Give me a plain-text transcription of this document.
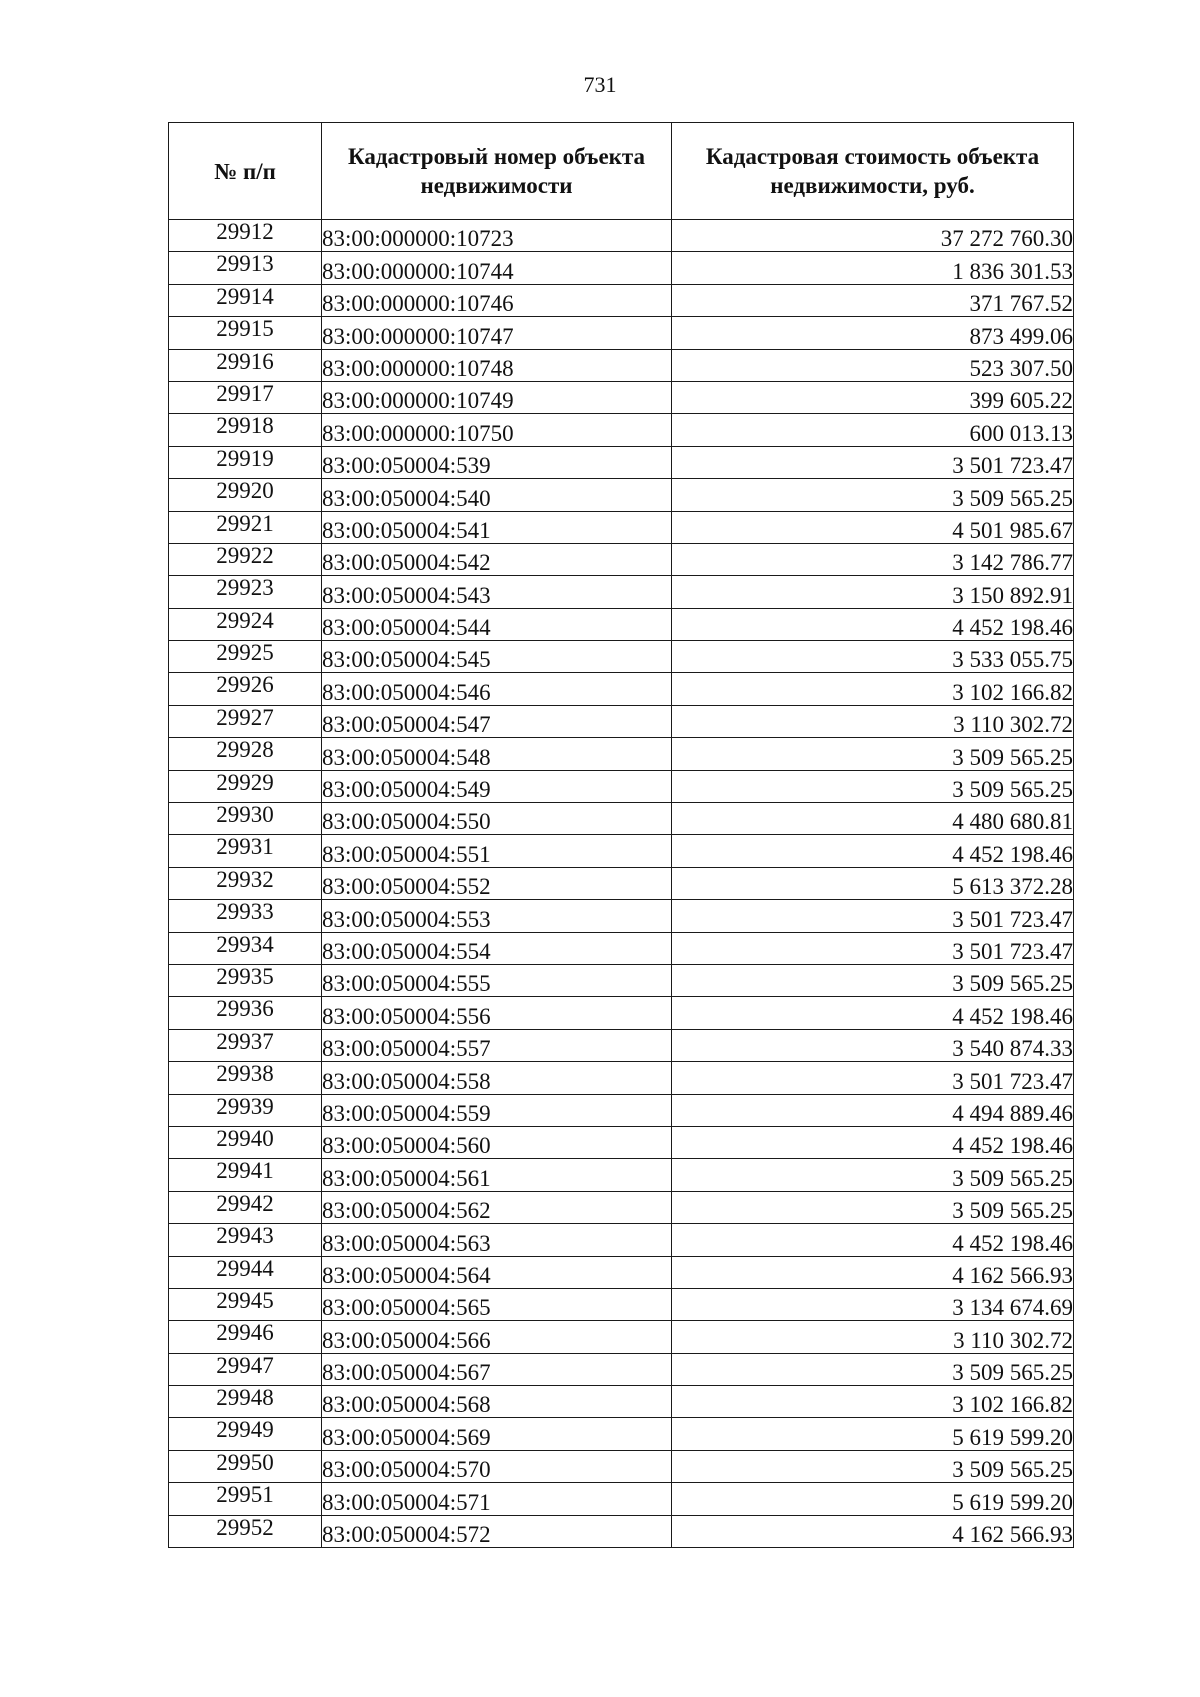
731
№ п/п	Кадастровый номер объекта недвижимости	Кадастровая стоимость объекта недвижимости, руб.
29912	83:00:000000:10723	37 272 760.30
29913	83:00:000000:10744	1 836 301.53
29914	83:00:000000:10746	371 767.52
29915	83:00:000000:10747	873 499.06
29916	83:00:000000:10748	523 307.50
29917	83:00:000000:10749	399 605.22
29918	83:00:000000:10750	600 013.13
29919	83:00:050004:539	3 501 723.47
29920	83:00:050004:540	3 509 565.25
29921	83:00:050004:541	4 501 985.67
29922	83:00:050004:542	3 142 786.77
29923	83:00:050004:543	3 150 892.91
29924	83:00:050004:544	4 452 198.46
29925	83:00:050004:545	3 533 055.75
29926	83:00:050004:546	3 102 166.82
29927	83:00:050004:547	3 110 302.72
29928	83:00:050004:548	3 509 565.25
29929	83:00:050004:549	3 509 565.25
29930	83:00:050004:550	4 480 680.81
29931	83:00:050004:551	4 452 198.46
29932	83:00:050004:552	5 613 372.28
29933	83:00:050004:553	3 501 723.47
29934	83:00:050004:554	3 501 723.47
29935	83:00:050004:555	3 509 565.25
29936	83:00:050004:556	4 452 198.46
29937	83:00:050004:557	3 540 874.33
29938	83:00:050004:558	3 501 723.47
29939	83:00:050004:559	4 494 889.46
29940	83:00:050004:560	4 452 198.46
29941	83:00:050004:561	3 509 565.25
29942	83:00:050004:562	3 509 565.25
29943	83:00:050004:563	4 452 198.46
29944	83:00:050004:564	4 162 566.93
29945	83:00:050004:565	3 134 674.69
29946	83:00:050004:566	3 110 302.72
29947	83:00:050004:567	3 509 565.25
29948	83:00:050004:568	3 102 166.82
29949	83:00:050004:569	5 619 599.20
29950	83:00:050004:570	3 509 565.25
29951	83:00:050004:571	5 619 599.20
29952	83:00:050004:572	4 162 566.93
